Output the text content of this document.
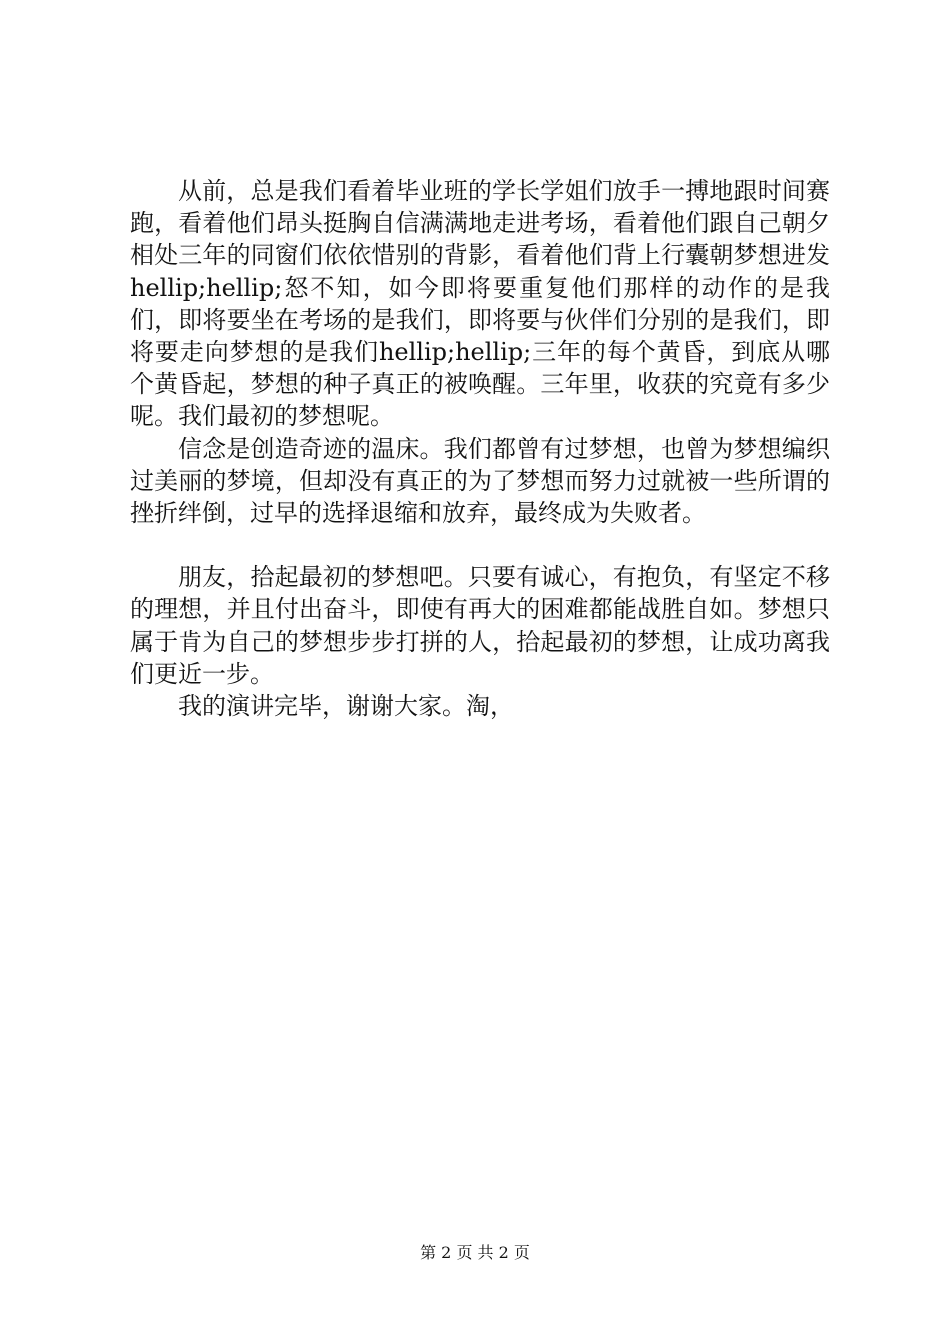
从前，总是我们看着毕业班的学长学姐们放手一搏地跟时间赛跑，看着他们昂头挺胸自信满满地走进考场，看着他们跟自己朝夕相处三年的同窗们依依惜别的背影，看着他们背上行囊朝梦想进发hellip;hellip;怒不知，如今即将要重复他们那样的动作的是我们，即将要坐在考场的是我们，即将要与伙伴们分别的是我们，即将要走向梦想的是我们hellip;hellip;三年的每个黄昏，到底从哪个黄昏起，梦想的种子真正的被唤醒。三年里，收获的究竟有多少呢。我们最初的梦想呢。

信念是创造奇迹的温床。我们都曾有过梦想，也曾为梦想编织过美丽的梦境，但却没有真正的为了梦想而努力过就被一些所谓的挫折绊倒，过早的选择退缩和放弃，最终成为失败者。

朋友，拾起最初的梦想吧。只要有诚心，有抱负，有坚定不移的理想，并且付出奋斗，即使有再大的困难都能战胜自如。梦想只属于肯为自己的梦想步步打拼的人，拾起最初的梦想，让成功离我们更近一步。

我的演讲完毕，谢谢大家。淘，

第 2 页 共 2 页
